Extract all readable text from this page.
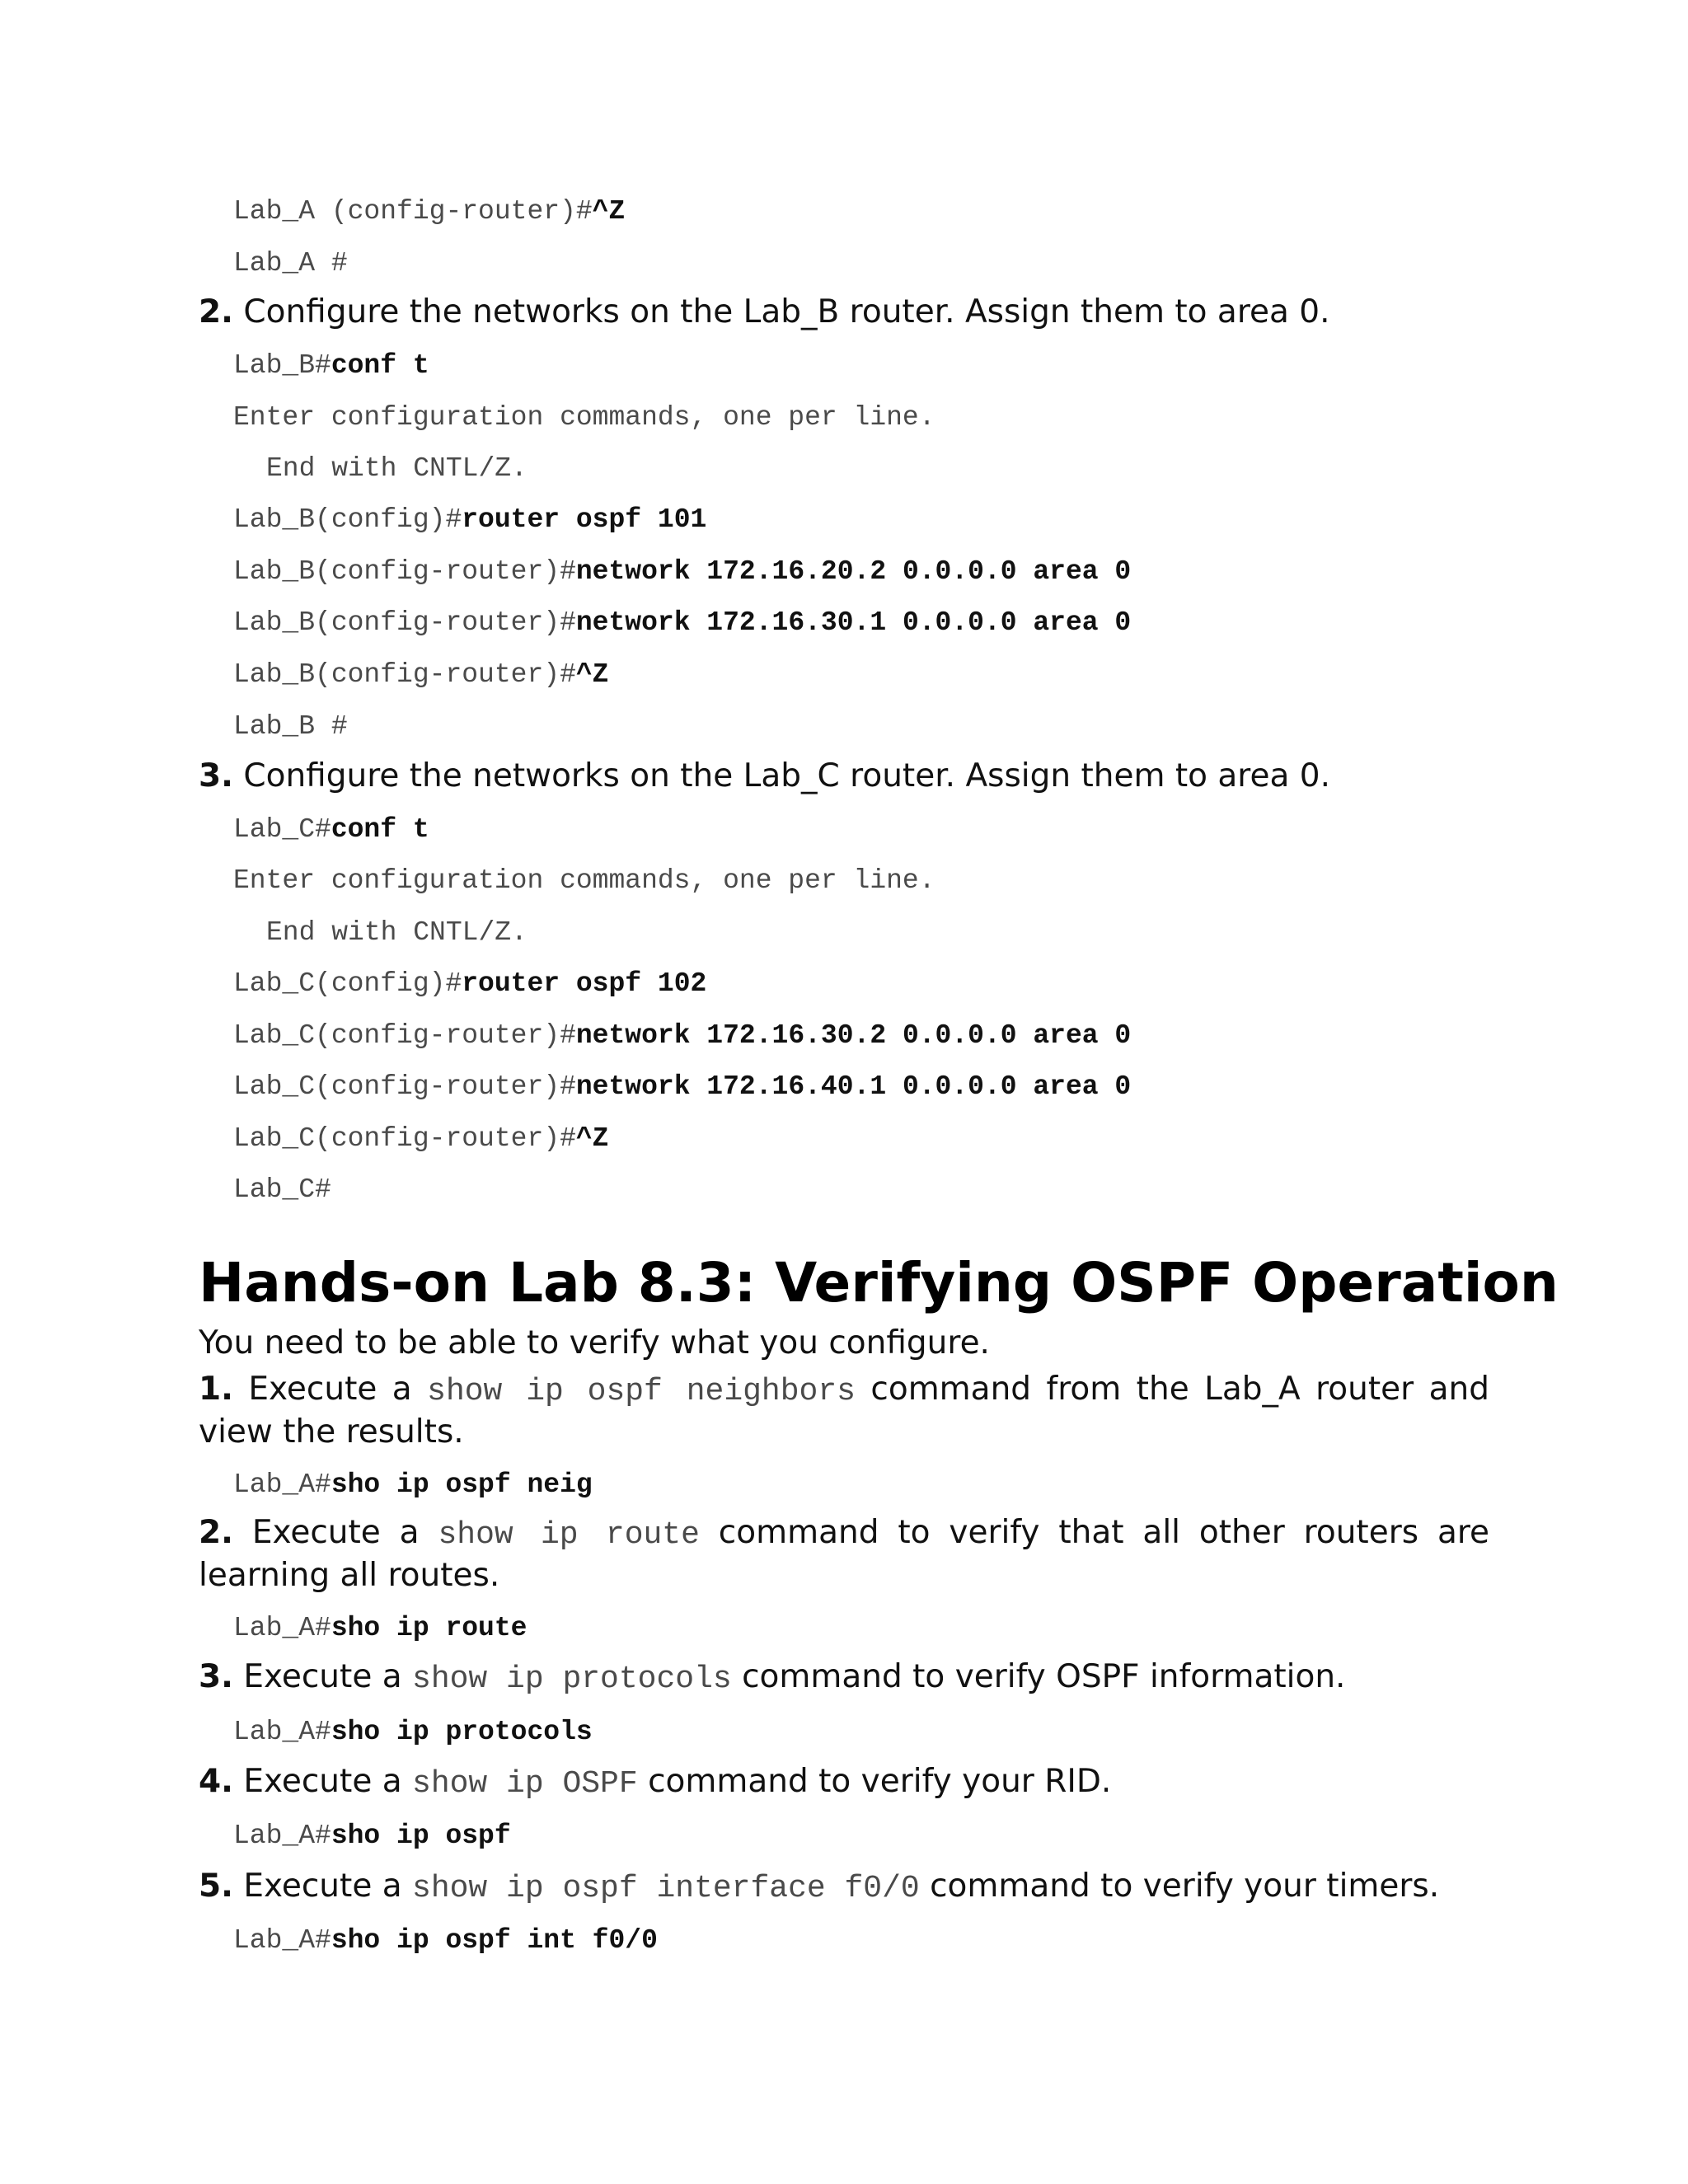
Lab_A (config-router)#^Z
Lab_A #
2. Configure the networks on the Lab_B router. Assign them to area 0.
Lab_B#conf t
Enter configuration commands, one per line.
End with CNTL/Z.
Lab_B(config)#router ospf 101
Lab_B(config-router)#network 172.16.20.2 0.0.0.0 area 0
Lab_B(config-router)#network 172.16.30.1 0.0.0.0 area 0
Lab_B(config-router)#^Z
Lab_B #
3. Configure the networks on the Lab_C router. Assign them to area 0.
Lab_C#conf t
Enter configuration commands, one per line.
End with CNTL/Z.
Lab_C(config)#router ospf 102
Lab_C(config-router)#network 172.16.30.2 0.0.0.0 area 0
Lab_C(config-router)#network 172.16.40.1 0.0.0.0 area 0
Lab_C(config-router)#^Z
Lab_C#
Hands-on Lab 8.3: Verifying OSPF Operation
You need to be able to verify what you configure.
1. Execute a show ip ospf neighbors command from the Lab_A router and view the results.
Lab_A#sho ip ospf neig
2. Execute a show ip route command to verify that all other routers are learning all routes.
Lab_A#sho ip route
3. Execute a show ip protocols command to verify OSPF information.
Lab_A#sho ip protocols
4. Execute a show ip OSPF command to verify your RID.
Lab_A#sho ip ospf
5. Execute a show ip ospf interface f0/0 command to verify your timers.
Lab_A#sho ip ospf int f0/0
